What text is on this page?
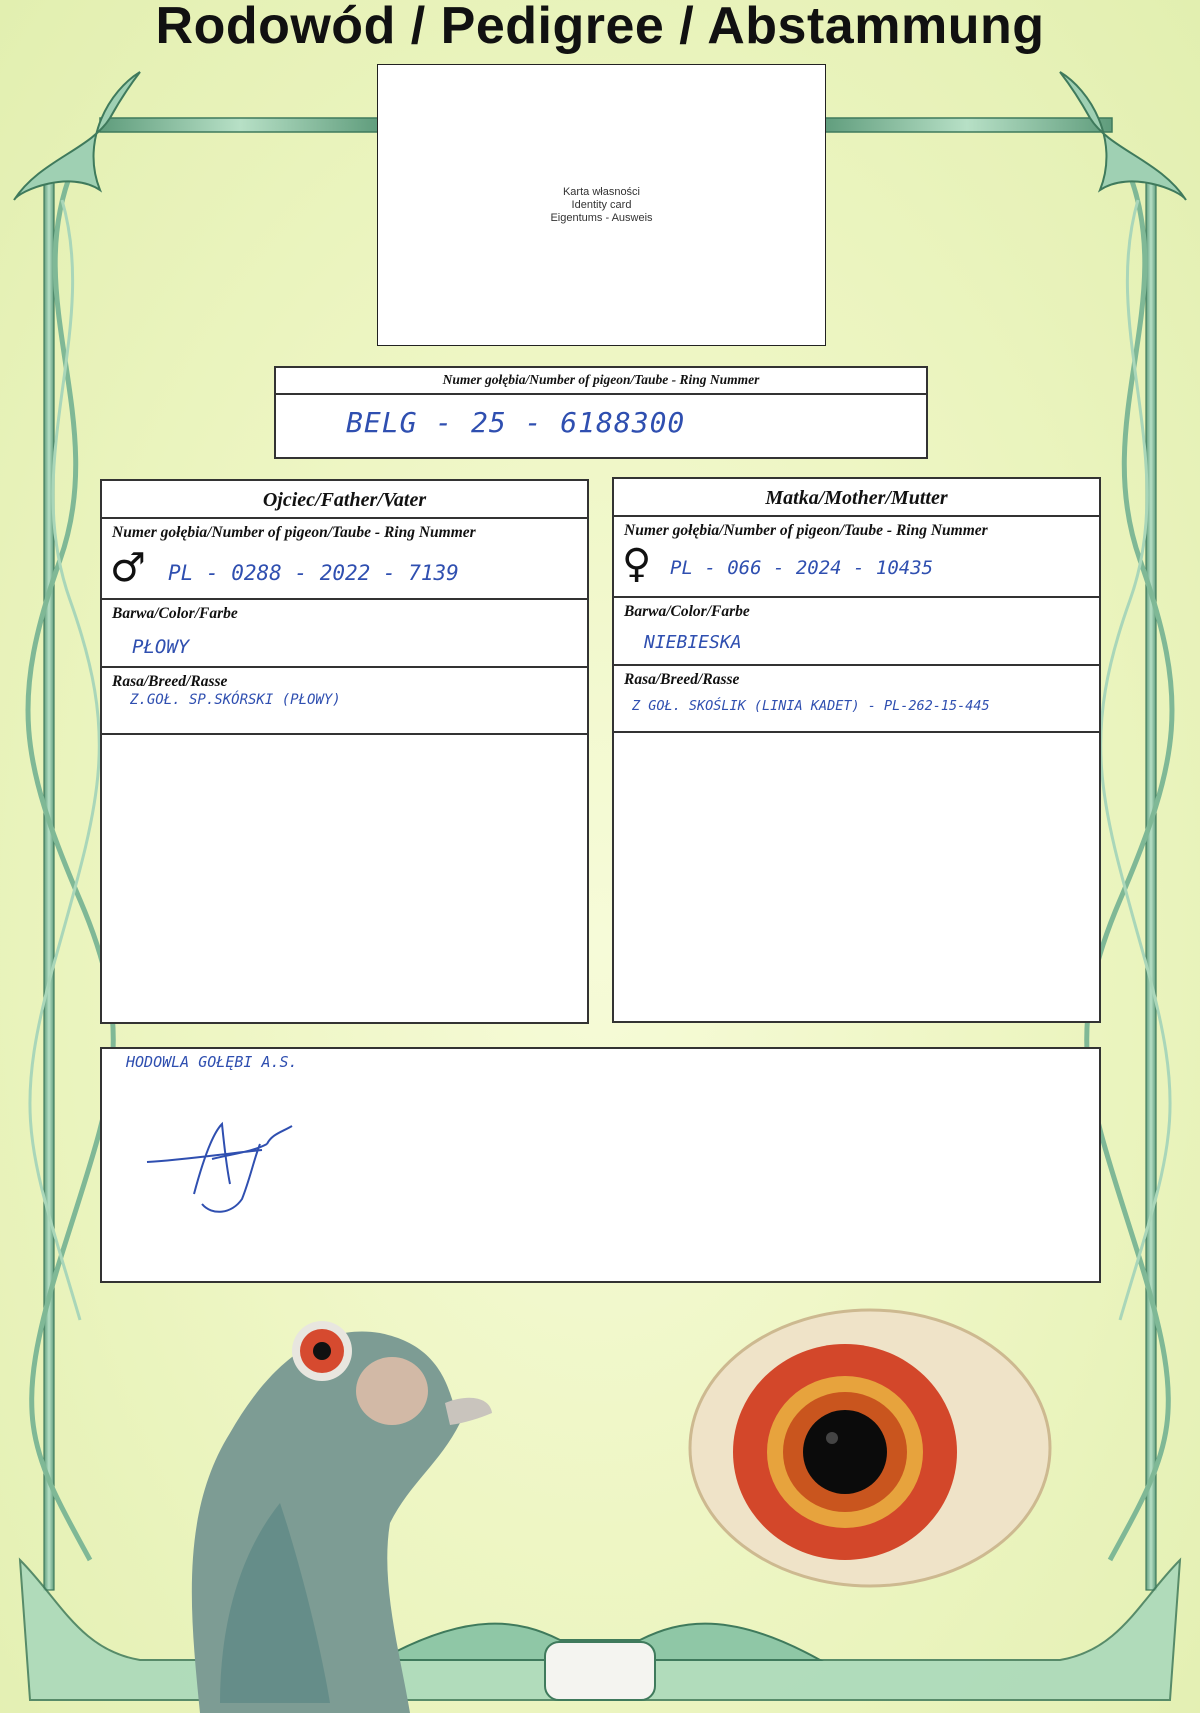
Rodowód / Pedigree / Abstammung
Karta własności
Identity card
Eigentums - Ausweis
Numer gołębia/Number of pigeon/Taube - Ring Nummer
BELG - 25 - 6188300
Ojciec/Father/Vater
Numer gołębia/Number of pigeon/Taube - Ring Nummer
♂ PL - 0288 - 2022 - 7139
Barwa/Color/Farbe
PŁOWY
Rasa/Breed/Rasse
Z.GOŁ. SP.SKÓRSKI (PŁOWY)
Matka/Mother/Mutter
Numer gołębia/Number of pigeon/Taube - Ring Nummer
♀ PL - 066 - 2024 - 10435
Barwa/Color/Farbe
NIEBIESKA
Rasa/Breed/Rasse
Z GOŁ. SKOŚLIK (LINIA KADET) - PL-262-15-445
HODOWLA GOŁĘBI A.S.
